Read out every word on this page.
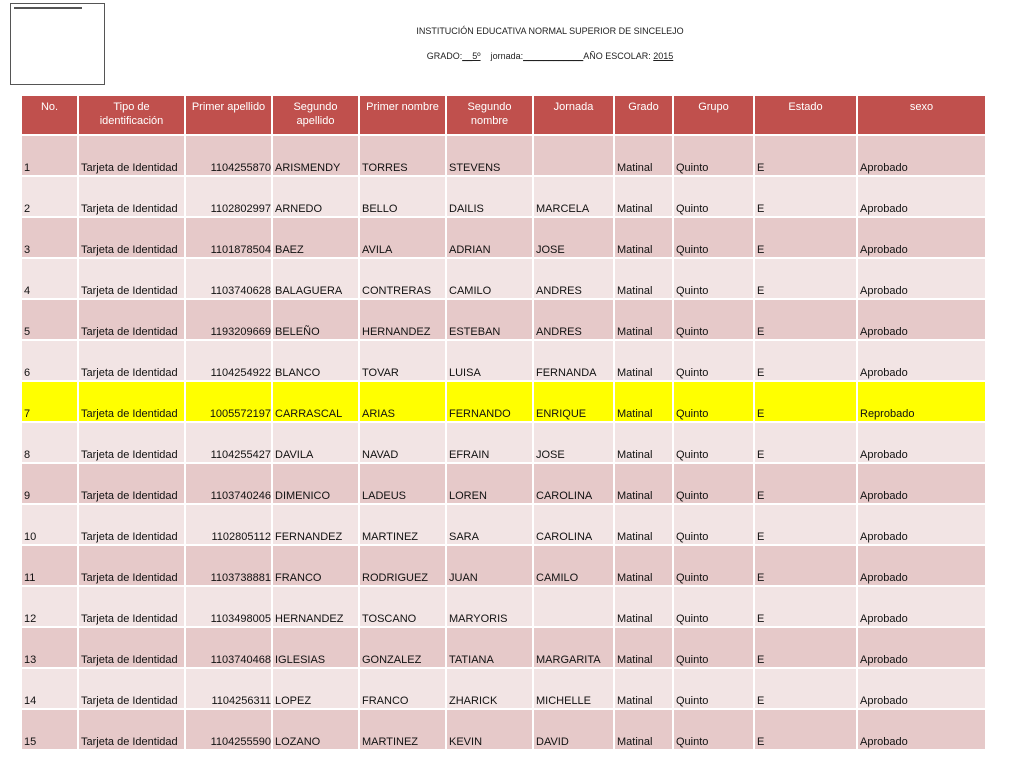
INSTITUCIÓN EDUCATIVA NORMAL SUPERIOR DE SINCELEJO
GRADO:__5º jornada:____________AÑO ESCOLAR: 2015
No.	Tipo de identificación	Primer apellido	Segundo apellido	Primer nombre	Segundo nombre	Jornada	Grado	Grupo	Estado	sexo
1	Tarjeta de Identidad	1104255870	ARISMENDY	TORRES	STEVENS		Matinal	Quinto	E	Aprobado
2	Tarjeta de Identidad	1102802997	ARNEDO	BELLO	DAILIS	MARCELA	Matinal	Quinto	E	Aprobado
3	Tarjeta de Identidad	1101878504	BAEZ	AVILA	ADRIAN	JOSE	Matinal	Quinto	E	Aprobado
4	Tarjeta de Identidad	1103740628	BALAGUERA	CONTRERAS	CAMILO	ANDRES	Matinal	Quinto	E	Aprobado
5	Tarjeta de Identidad	1193209669	BELEÑO	HERNANDEZ	ESTEBAN	ANDRES	Matinal	Quinto	E	Aprobado
6	Tarjeta de Identidad	1104254922	BLANCO	TOVAR	LUISA	FERNANDA	Matinal	Quinto	E	Aprobado
7	Tarjeta de Identidad	1005572197	CARRASCAL	ARIAS	FERNANDO	ENRIQUE	Matinal	Quinto	E	Reprobado
8	Tarjeta de Identidad	1104255427	DAVILA	NAVAD	EFRAIN	JOSE	Matinal	Quinto	E	Aprobado
9	Tarjeta de Identidad	1103740246	DIMENICO	LADEUS	LOREN	CAROLINA	Matinal	Quinto	E	Aprobado
10	Tarjeta de Identidad	1102805112	FERNANDEZ	MARTINEZ	SARA	CAROLINA	Matinal	Quinto	E	Aprobado
11	Tarjeta de Identidad	1103738881	FRANCO	RODRIGUEZ	JUAN	CAMILO	Matinal	Quinto	E	Aprobado
12	Tarjeta de Identidad	1103498005	HERNANDEZ	TOSCANO	MARYORIS		Matinal	Quinto	E	Aprobado
13	Tarjeta de Identidad	1103740468	IGLESIAS	GONZALEZ	TATIANA	MARGARITA	Matinal	Quinto	E	Aprobado
14	Tarjeta de Identidad	1104256311	LOPEZ	FRANCO	ZHARICK	MICHELLE	Matinal	Quinto	E	Aprobado
15	Tarjeta de Identidad	1104255590	LOZANO	MARTINEZ	KEVIN	DAVID	Matinal	Quinto	E	Aprobado
